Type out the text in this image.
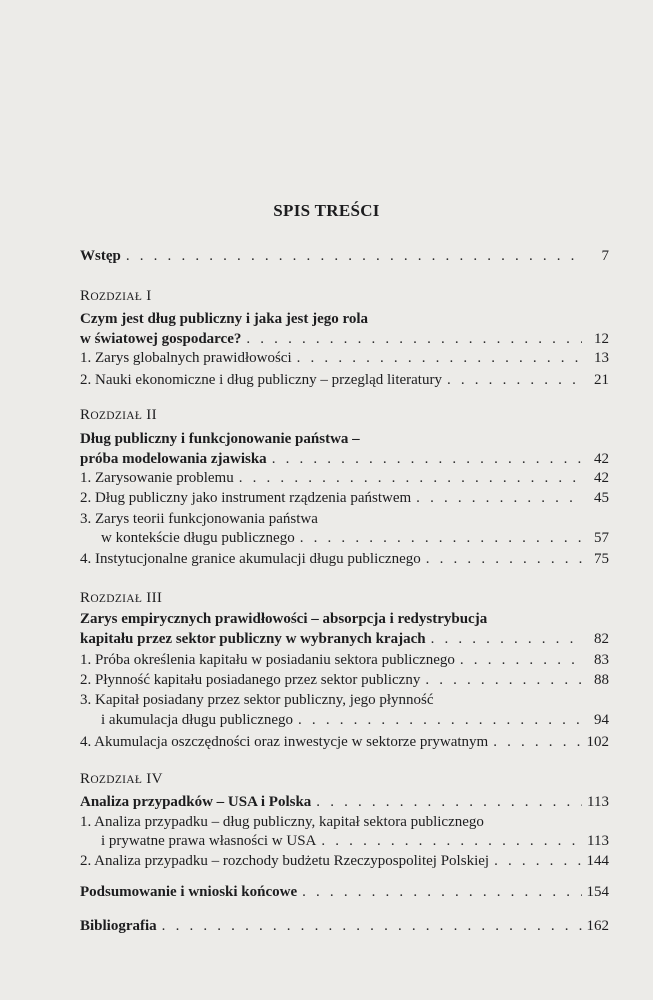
SPIS TREŚCI
Wstęp . . .	7
ROZDZIAŁ I
Czym jest dług publiczny i jaka jest jego rola
w światowej gospodarce? . . .	12
1. Zarys globalnych prawidłowości . . .	13
2. Nauki ekonomiczne i dług publiczny – przegląd literatury . . .	21
ROZDZIAŁ II
Dług publiczny i funkcjonowanie państwa –
próba modelowania zjawiska . . .	42
1. Zarysowanie problemu . . .	42
2. Dług publiczny jako instrument rządzenia państwem . . .	45
3. Zarys teorii funkcjonowania państwa
w kontekście długu publicznego . . .	57
4. Instytucjonalne granice akumulacji długu publicznego . . .	75
ROZDZIAŁ III
Zarys empirycznych prawidłowości – absorpcja i redystrybucja
kapitału przez sektor publiczny w wybranych krajach . . .	82
1. Próba określenia kapitału w posiadaniu sektora publicznego . . .	83
2. Płynność kapitału posiadanego przez sektor publiczny . . .	88
3. Kapitał posiadany przez sektor publiczny, jego płynność
i akumulacja długu publicznego . . .	94
4. Akumulacja oszczędności oraz inwestycje w sektorze prywatnym . . .	102
ROZDZIAŁ IV
Analiza przypadków – USA i Polska . . .	113
1. Analiza przypadku – dług publiczny, kapitał sektora publicznego
i prywatne prawa własności w USA . . .	113
2. Analiza przypadku – rozchody budżetu Rzeczypospolitej Polskiej . . .	144
Podsumowanie i wnioski końcowe . . .	154
Bibliografia . . .	162
